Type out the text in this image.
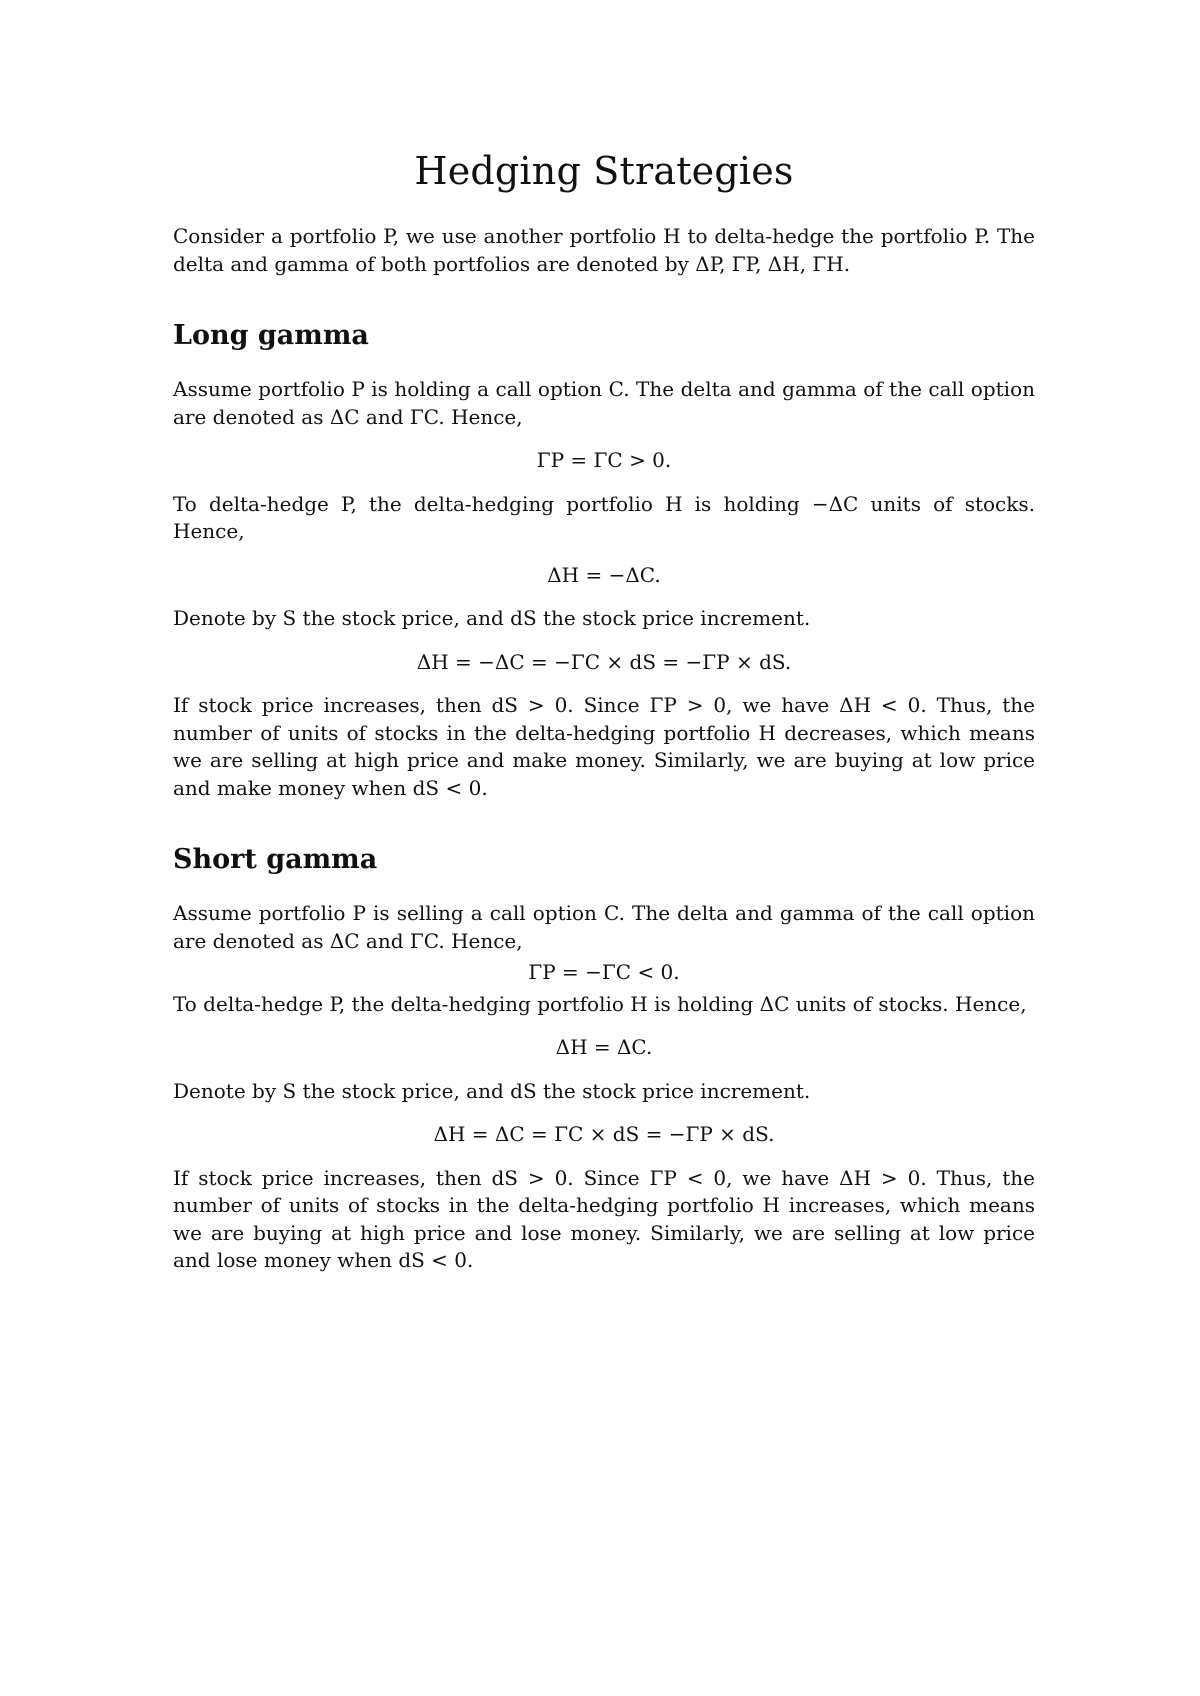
Hedging Strategies

Consider a portfolio P, we use another portfolio H to delta-hedge the portfolio P. The delta and gamma of both portfolios are denoted by ΔP, ΓP, ΔH, ΓH.

Long gamma

Assume portfolio P is holding a call option C. The delta and gamma of the call option are denoted as ΔC and ΓC. Hence,

ΓP = ΓC > 0.

To delta-hedge P, the delta-hedging portfolio H is holding −ΔC units of stocks. Hence,

ΔH = −ΔC.

Denote by S the stock price, and dS the stock price increment.

ΔH = −ΔC = −ΓC × dS = −ΓP × dS.

If stock price increases, then dS > 0. Since ΓP > 0, we have ΔH < 0. Thus, the number of units of stocks in the delta-hedging portfolio H decreases, which means we are selling at high price and make money. Similarly, we are buying at low price and make money when dS < 0.

Short gamma

Assume portfolio P is selling a call option C. The delta and gamma of the call option are denoted as ΔC and ΓC. Hence,

ΓP = −ΓC < 0.

To delta-hedge P, the delta-hedging portfolio H is holding ΔC units of stocks. Hence,

ΔH = ΔC.

Denote by S the stock price, and dS the stock price increment.

ΔH = ΔC = ΓC × dS = −ΓP × dS.

If stock price increases, then dS > 0. Since ΓP < 0, we have ΔH > 0. Thus, the number of units of stocks in the delta-hedging portfolio H increases, which means we are buying at high price and lose money. Similarly, we are selling at low price and lose money when dS < 0.
